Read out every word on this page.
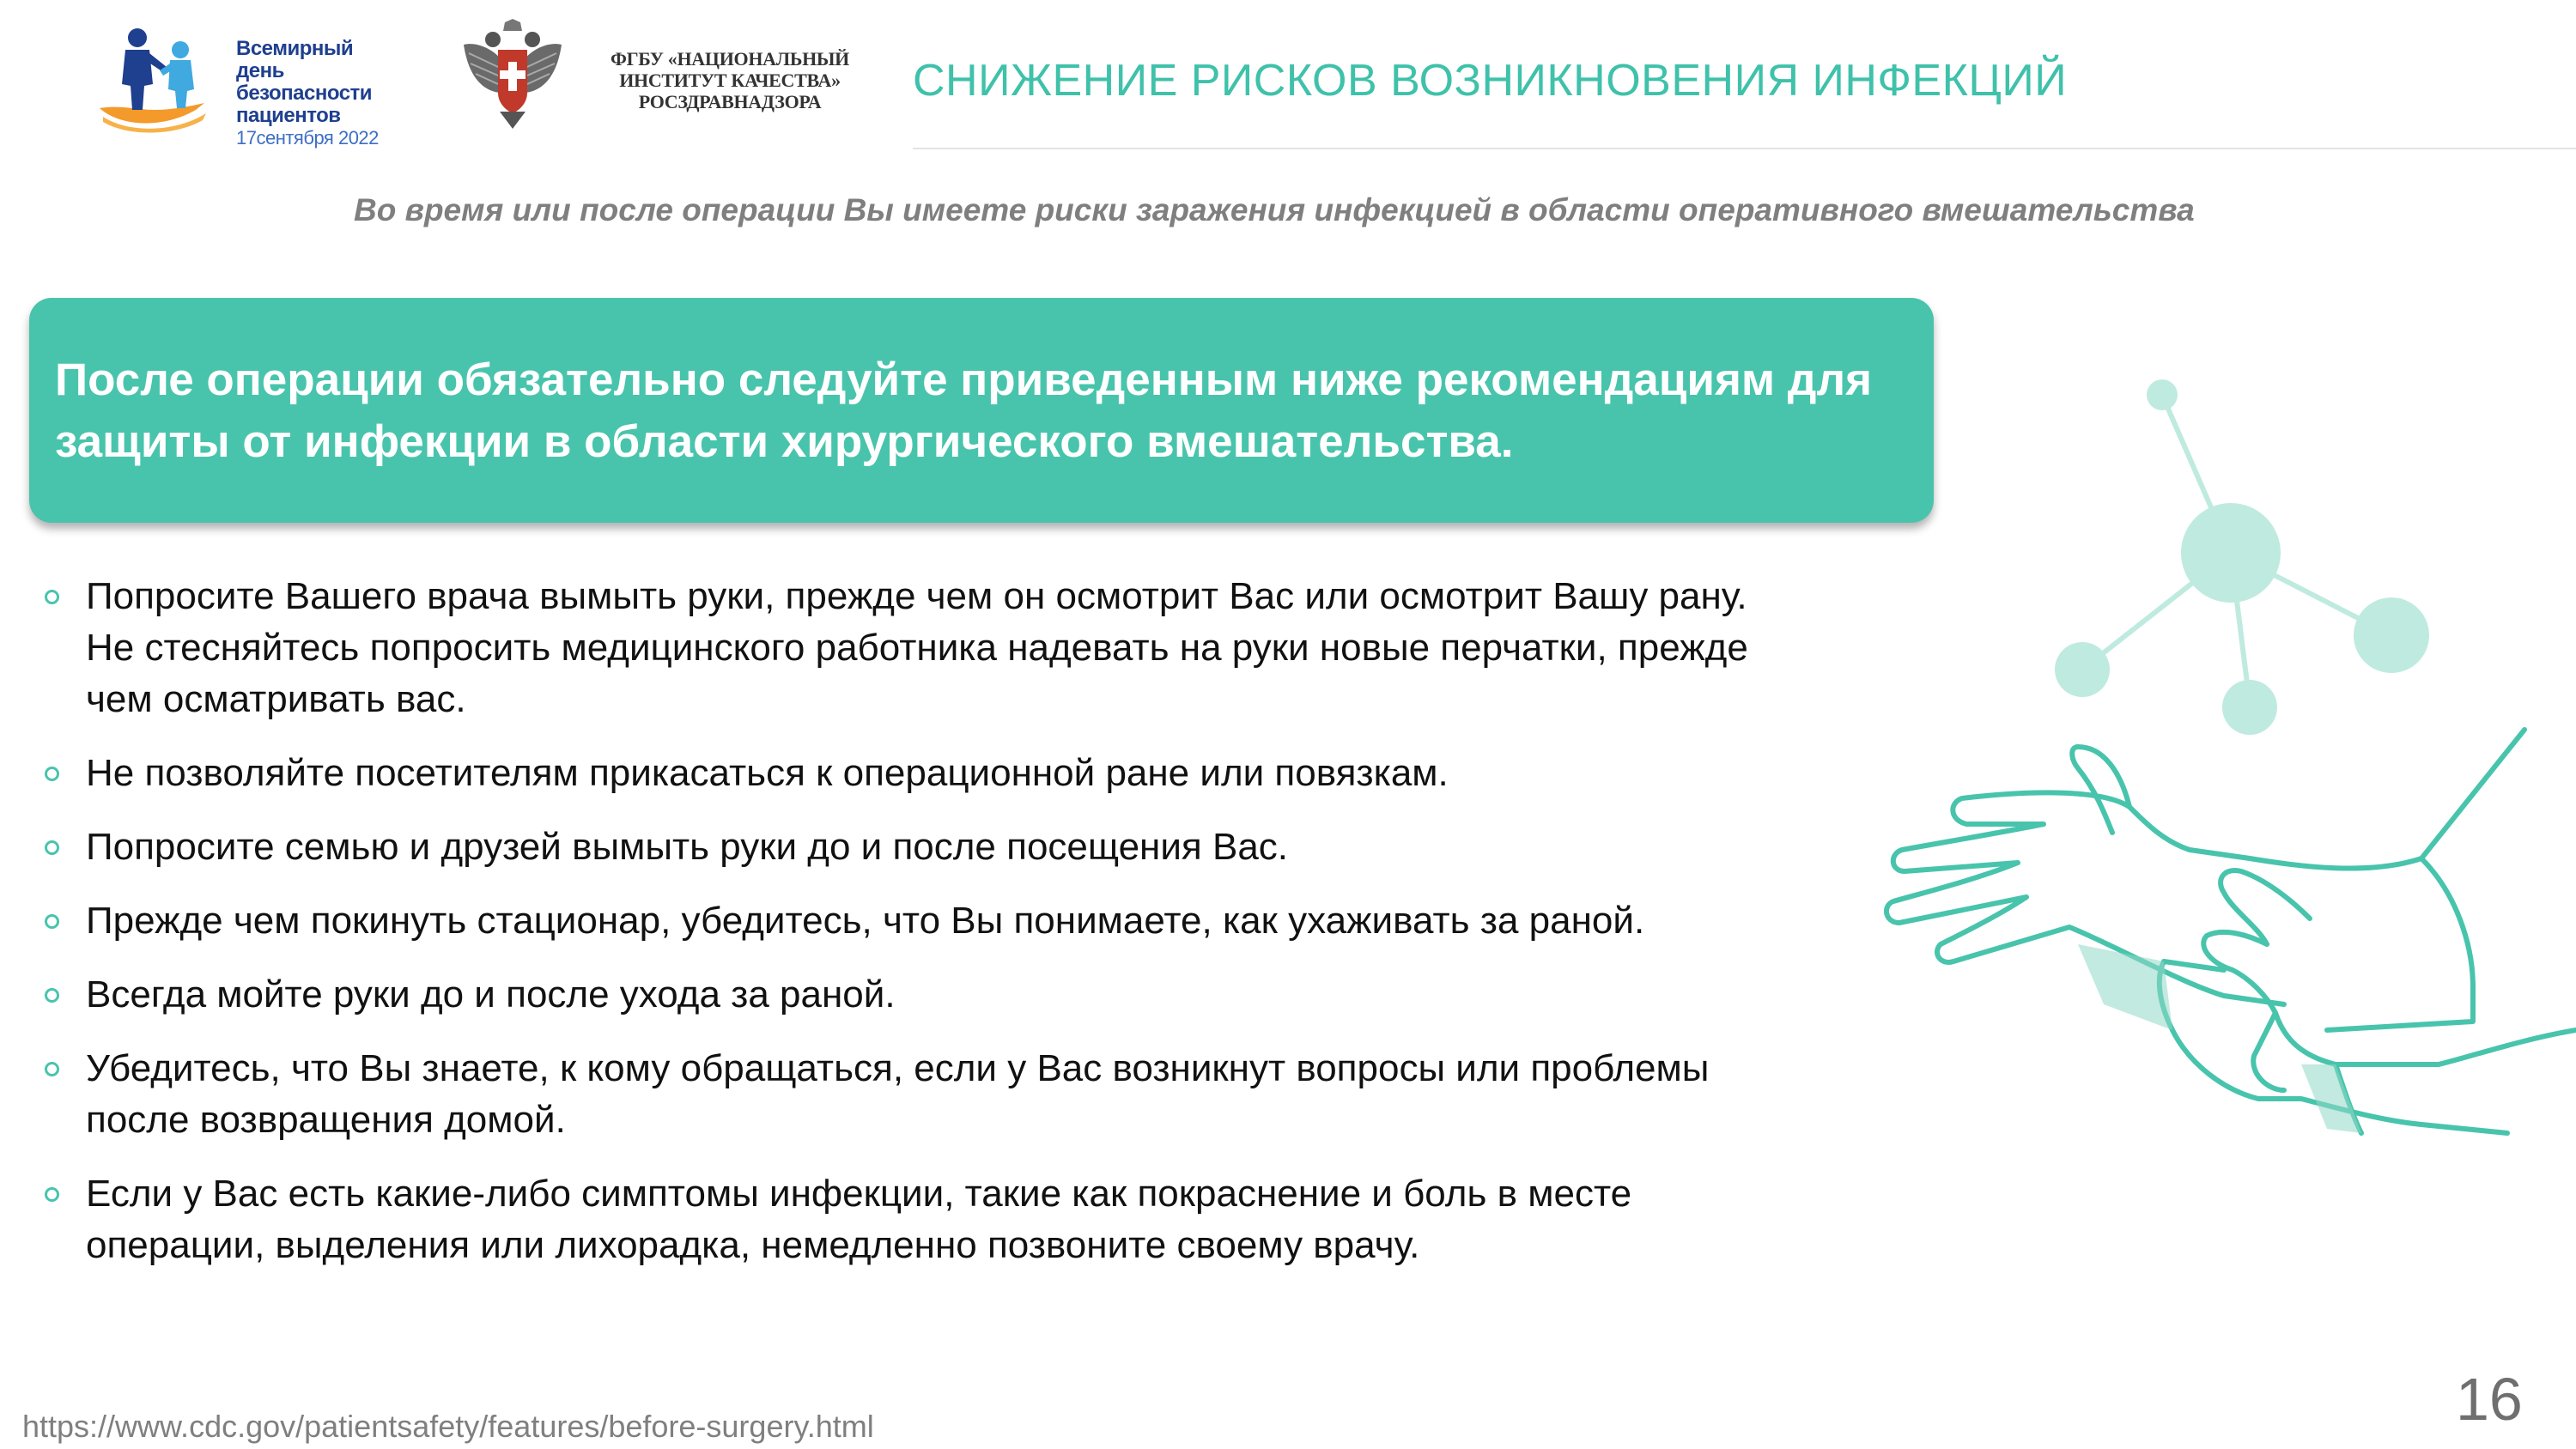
Всемирный день
безопасности
пациентов
17сентября 2022
ФГБУ «НАЦИОНАЛЬНЫЙ
ИНСТИТУТ КАЧЕСТВА»
РОСЗДРАВНАДЗОРА	СНИЖЕНИЕ РИСКОВ ВОЗНИКНОВЕНИЯ ИНФЕКЦИЙ
Во время или после операции Вы имеете риски заражения инфекцией в области оперативного вмешательства
После операции обязательно следуйте приведенным ниже рекомендациям для защиты от инфекции в области хирургического вмешательства.
Попросите Вашего врача вымыть руки, прежде чем он осмотрит Вас или осмотрит Вашу рану. Не стесняйтесь попросить медицинского работника надевать на руки новые перчатки, прежде чем осматривать вас.
Не позволяйте посетителям прикасаться к операционной ране или повязкам.
Попросите семью и друзей вымыть руки до и после посещения Вас.
Прежде чем покинуть стационар, убедитесь, что Вы понимаете, как ухаживать за раной.
Всегда мойте руки до и после ухода за раной.
Убедитесь, что Вы знаете, к кому обращаться, если у Вас возникнут вопросы или проблемы после возвращения домой.
Если у Вас есть какие-либо симптомы инфекции, такие как покраснение и боль в месте операции, выделения или лихорадка, немедленно позвоните своему врачу.
https://www.cdc.gov/patientsafety/features/before-surgery.html	16
